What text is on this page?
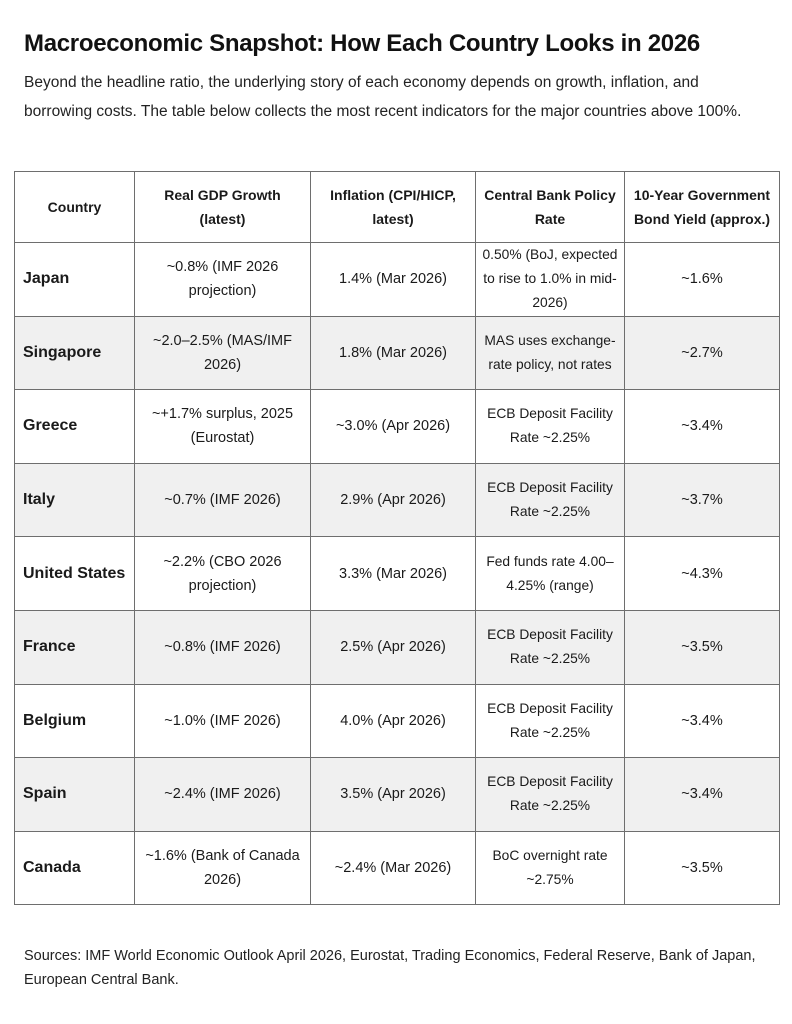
Macroeconomic Snapshot: How Each Country Looks in 2026

Beyond the headline ratio, the underlying story of each economy depends on growth, inflation, and borrowing costs. The table below collects the most recent indicators for the major countries above 100%.

Country	Real GDP Growth (latest)	Inflation (CPI/HICP, latest)	Central Bank Policy Rate	10-Year Government Bond Yield (approx.)
Japan	~0.8% (IMF 2026 projection)	1.4% (Mar 2026)	0.50% (BoJ, expected to rise to 1.0% in mid-2026)	~1.6%
Singapore	~2.0–2.5% (MAS/IMF 2026)	1.8% (Mar 2026)	MAS uses exchange-rate policy, not rates	~2.7%
Greece	~+1.7% surplus, 2025 (Eurostat)	~3.0% (Apr 2026)	ECB Deposit Facility Rate ~2.25%	~3.4%
Italy	~0.7% (IMF 2026)	2.9% (Apr 2026)	ECB Deposit Facility Rate ~2.25%	~3.7%
United States	~2.2% (CBO 2026 projection)	3.3% (Mar 2026)	Fed funds rate 4.00–4.25% (range)	~4.3%
France	~0.8% (IMF 2026)	2.5% (Apr 2026)	ECB Deposit Facility Rate ~2.25%	~3.5%
Belgium	~1.0% (IMF 2026)	4.0% (Apr 2026)	ECB Deposit Facility Rate ~2.25%	~3.4%
Spain	~2.4% (IMF 2026)	3.5% (Apr 2026)	ECB Deposit Facility Rate ~2.25%	~3.4%
Canada	~1.6% (Bank of Canada 2026)	~2.4% (Mar 2026)	BoC overnight rate ~2.75%	~3.5%

Sources: IMF World Economic Outlook April 2026, Eurostat, Trading Economics, Federal Reserve, Bank of Japan, European Central Bank.
